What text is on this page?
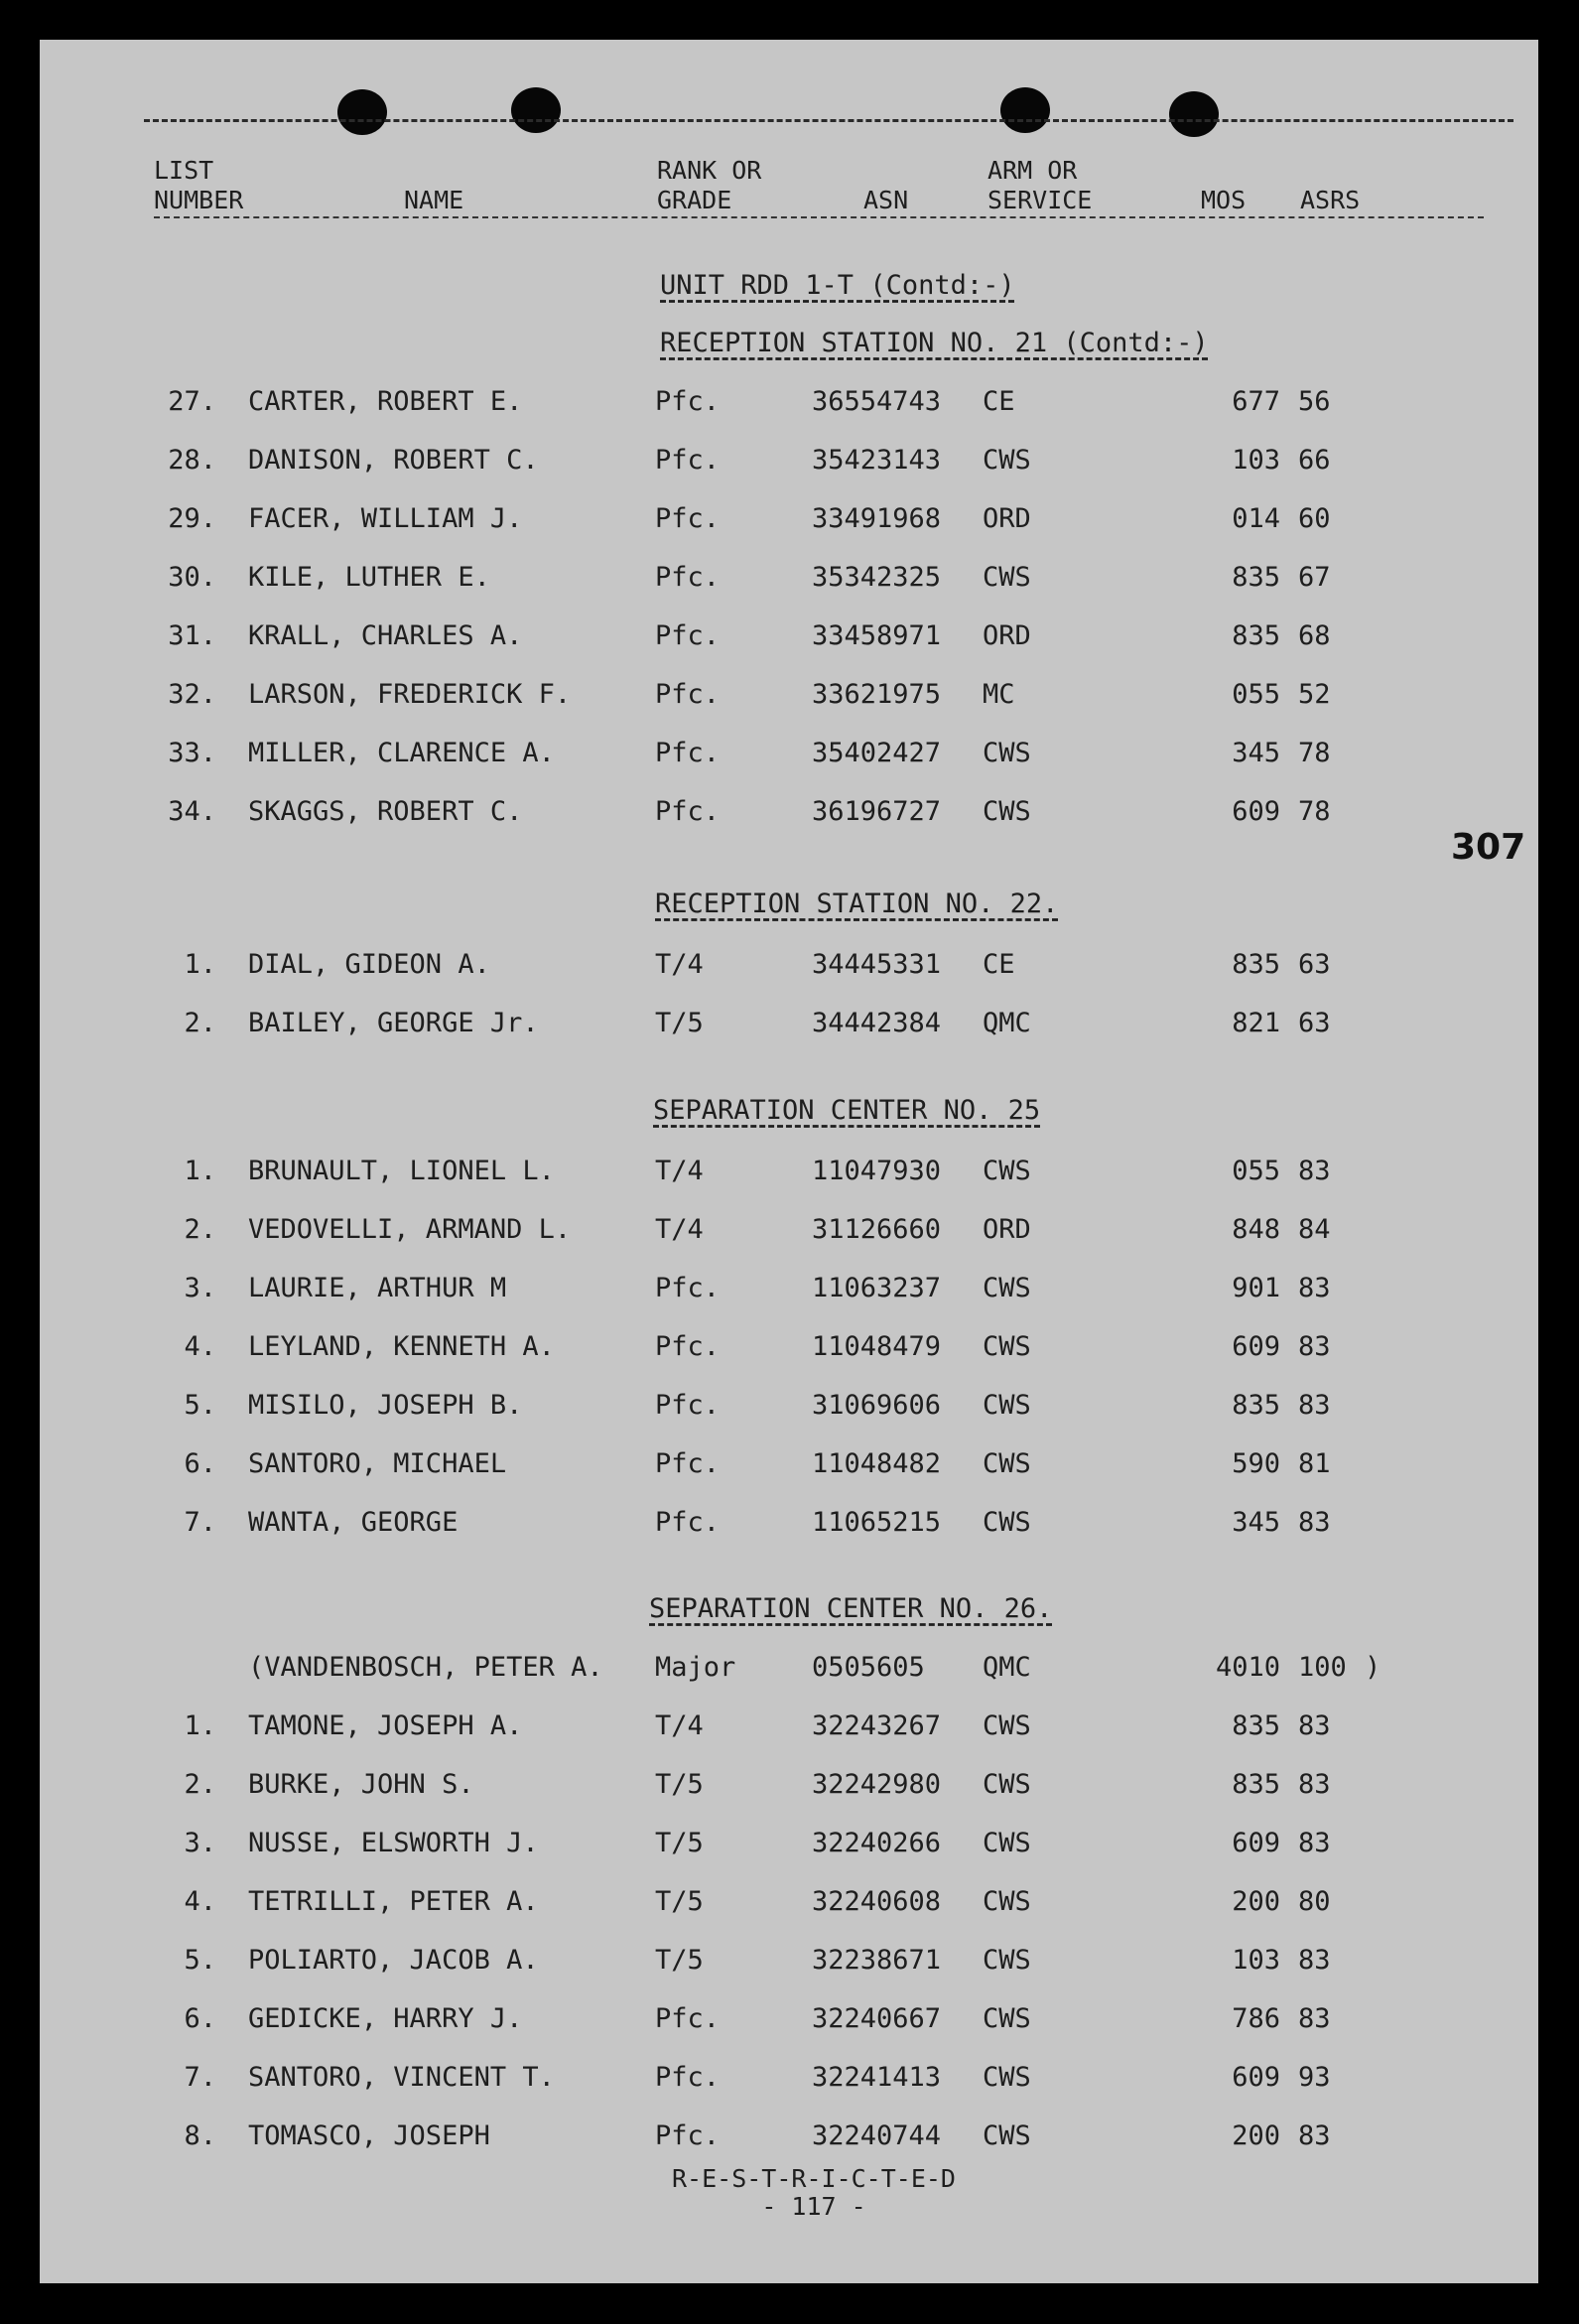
LIST
NUMBER	NAME
RANK OR
GRADE	ASN
ARM OR
SERVICE	MOS ASRS
UNIT RDD 1-T (Contd:-)
RECEPTION STATION NO. 21 (Contd:-)
27. CARTER, ROBERT E.	Pfc.	36554743 CE	677 56
28. DANISON, ROBERT C.	Pfc.	35423143 CWS	103 66
29. FACER, WILLIAM J.	Pfc.	33491968 ORD	014 60
30. KILE, LUTHER E.	Pfc.	35342325 CWS	835 67
31. KRALL, CHARLES A.	Pfc.	33458971 ORD	835 68
32. LARSON, FREDERICK F.	Pfc.	33621975 MC	055 52
33. MILLER, CLARENCE A.	Pfc.	35402427 CWS	345 78
34. SKAGGS, ROBERT C.	Pfc.	36196727 CWS	609 78
RECEPTION STATION NO. 22.
1. DIAL, GIDEON A.	T/4	34445331 CE	835 63
2. BAILEY, GEORGE Jr.	T/5	34442384 QMC	821 63
SEPARATION CENTER NO. 25
1. BRUNAULT, LIONEL L.	T/4	11047930 CWS	055 83
2. VEDOVELLI, ARMAND L.	T/4	31126660 ORD	848 84
3. LAURIE, ARTHUR M	Pfc.	11063237 CWS	901 83
4. LEYLAND, KENNETH A.	Pfc.	11048479 CWS	609 83
5. MISILO, JOSEPH B.	Pfc.	31069606 CWS	835 83
6. SANTORO, MICHAEL	Pfc.	11048482 CWS	590 81
7. WANTA, GEORGE	Pfc.	11065215 CWS	345 83
SEPARATION CENTER NO. 26.
(VANDENBOSCH, PETER A. Major	0505605 QMC	4010 100 )
1. TAMONE, JOSEPH A.	T/4	32243267 CWS	835 83
2. BURKE, JOHN S.	T/5	32242980 CWS	835 83
3. NUSSE, ELSWORTH J.	T/5	32240266 CWS	609 83
4. TETRILLI, PETER A.	T/5	32240608 CWS	200 80
5. POLIARTO, JACOB A.	T/5	32238671 CWS	103 83
6. GEDICKE, HARRY J.	Pfc.	32240667 CWS	786 83
7. SANTORO, VINCENT T.	Pfc.	32241413 CWS	609 93
8. TOMASCO, JOSEPH	Pfc.	32240744 CWS	200 83
307
R-E-S-T-R-I-C-T-E-D
- 117 -
